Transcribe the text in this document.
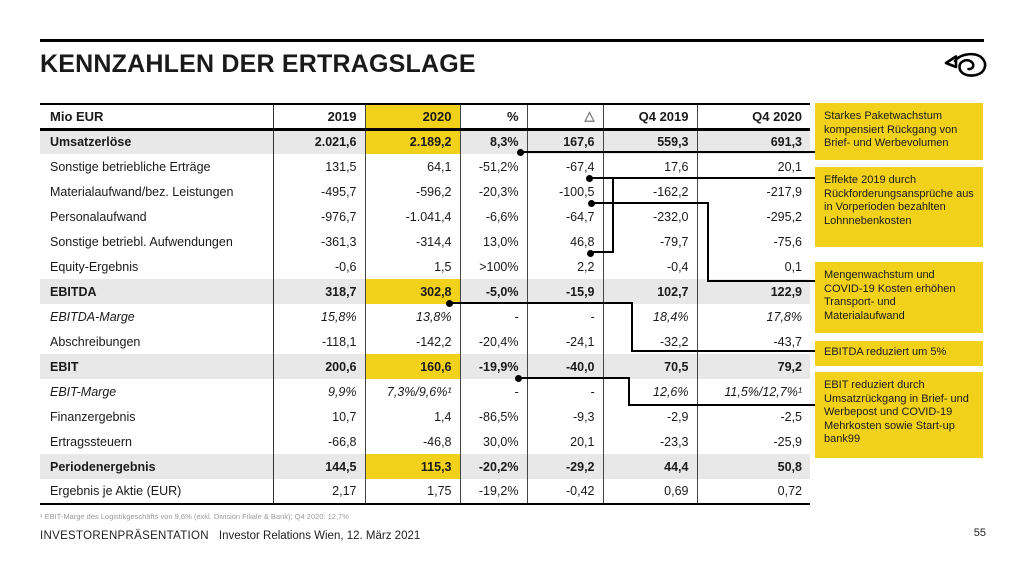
KENNZAHLEN DER ERTRAGSLAGE
Mio EUR	2019	2020	%	△	Q4 2019	Q4 2020
Umsatzerlöse	2.021,6	2.189,2	8,3%	167,6	559,3	691,3
Sonstige betriebliche Erträge	131,5	64,1	-51,2%	-67,4	17,6	20,1
Materialaufwand/bez. Leistungen	-495,7	-596,2	-20,3%	-100,5	-162,2	-217,9
Personalaufwand	-976,7	-1.041,4	-6,6%	-64,7	-232,0	-295,2
Sonstige betriebl. Aufwendungen	-361,3	-314,4	13,0%	46,8	-79,7	-75,6
Equity-Ergebnis	-0,6	1,5	>100%	2,2	-0,4	0,1
EBITDA	318,7	302,8	-5,0%	-15,9	102,7	122,9
EBITDA-Marge	15,8%	13,8%	-	-	18,4%	17,8%
Abschreibungen	-118,1	-142,2	-20,4%	-24,1	-32,2	-43,7
EBIT	200,6	160,6	-19,9%	-40,0	70,5	79,2
EBIT-Marge	9,9%	7,3%/9,6%¹	-	-	12,6%	11,5%/12,7%¹
Finanzergebnis	10,7	1,4	-86,5%	-9,3	-2,9	-2,5
Ertragssteuern	-66,8	-46,8	30,0%	20,1	-23,3	-25,9
Periodenergebnis	144,5	115,3	-20,2%	-29,2	44,4	50,8
Ergebnis je Aktie (EUR)	2,17	1,75	-19,2%	-0,42	0,69	0,72
Starkes Paketwachstum kompensiert Rückgang von Brief- und Werbevolumen
Effekte 2019 durch Rückforderungsansprüche aus in Vorperioden bezahlten Lohnnebenkosten
Mengenwachstum und COVID-19 Kosten erhöhen Transport- und Materialaufwand
EBITDA reduziert um 5%
EBIT reduziert durch Umsatzrückgang in Brief- und Werbepost und COVID-19 Mehrkosten sowie Start-up bank99
¹ EBIT-Marge des Logistikgeschäfts von 9,6% (exkl. Division Filiale & Bank); Q4 2020: 12,7%
INVESTORENPRÄSENTATION Investor Relations Wien, 12. März 2021	55
